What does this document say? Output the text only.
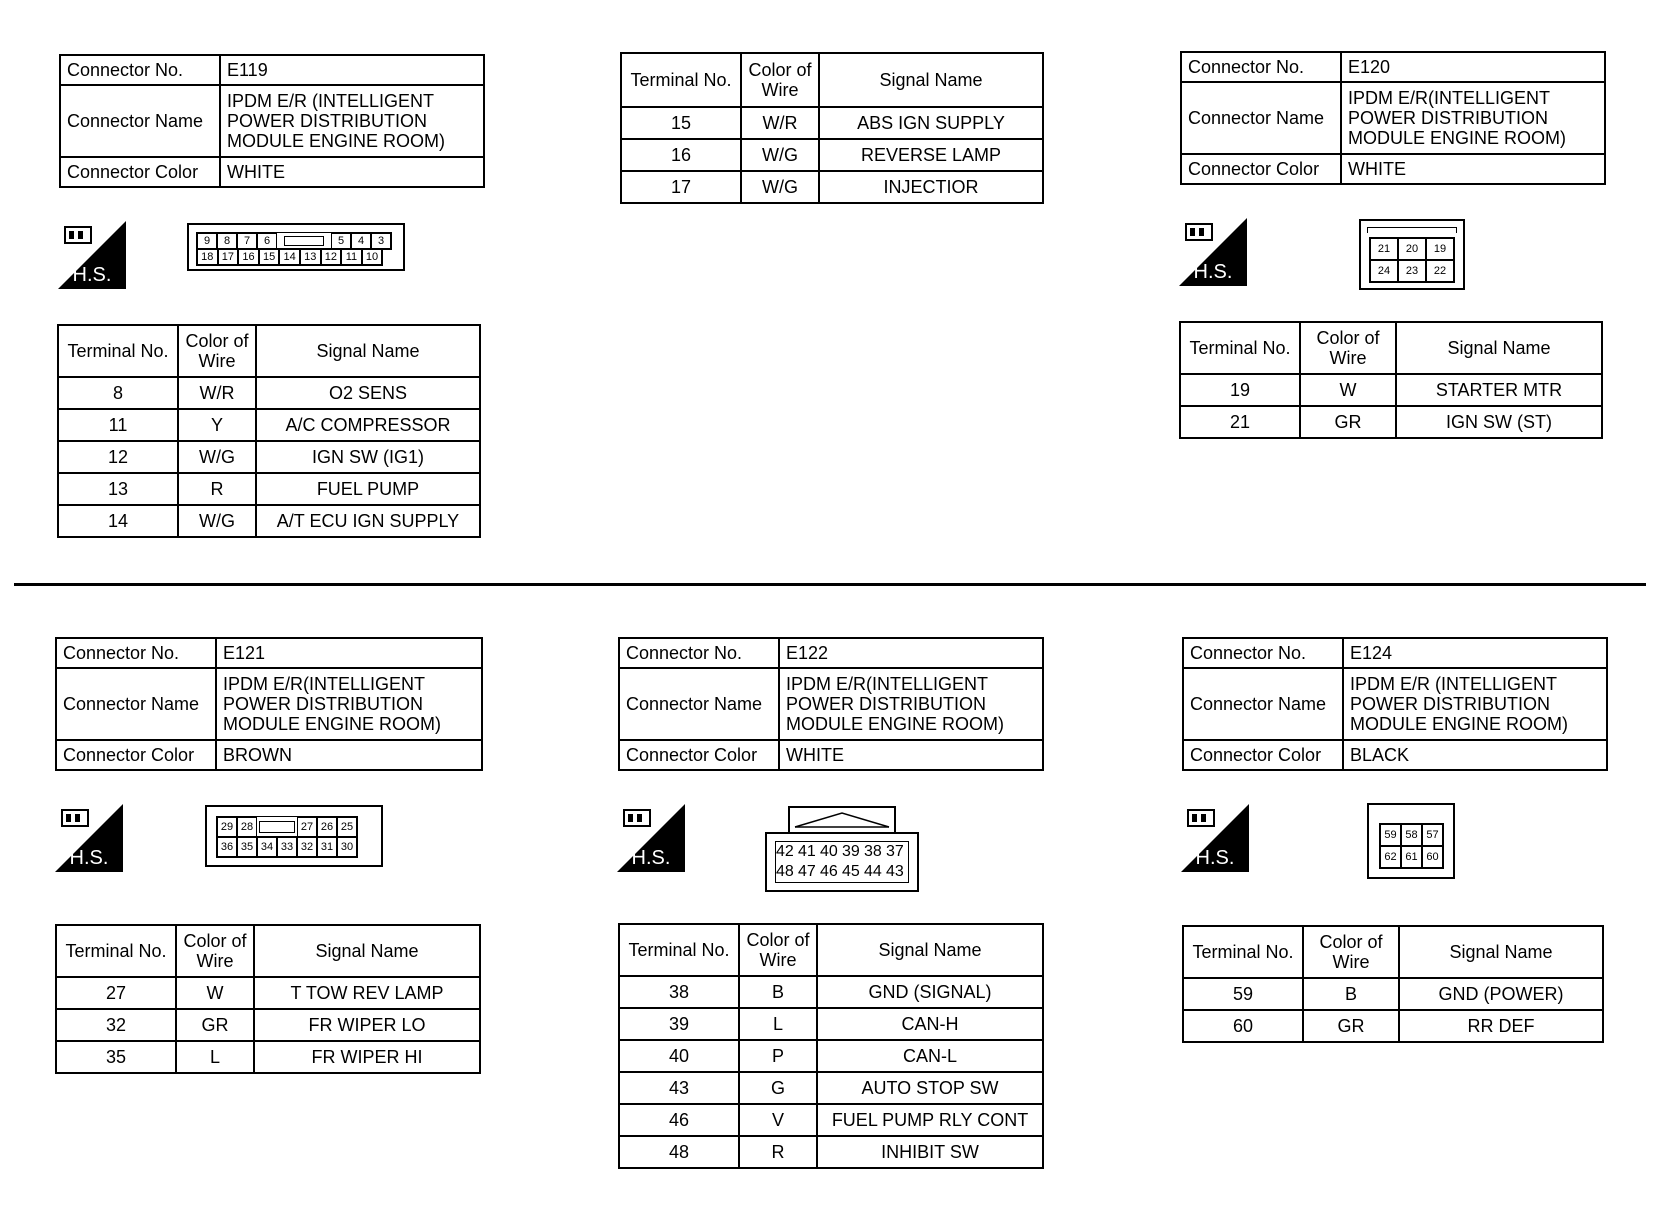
Connector No.	E119
Connector Name	IPDM E/R (INTELLIGENT
POWER DISTRIBUTION
MODULE ENGINE ROOM)

Connector Color	WHITE
H.S.
9	8	7	6	5	4	3
18 17 16 15 14 13 12 11 10
Terminal No.	Color of
Wire	Signal Name
8	W/R	O2 SENS
11	Y	A/C COMPRESSOR
12	W/G	IGN SW (IG1)
13	R	FUEL PUMP
14	W/G	A/T ECU IGN SUPPLY
Terminal No.	Color of
Wire	Signal Name
15	W/R	ABS IGN SUPPLY
16	W/G	REVERSE LAMP
17	W/G	INJECTIOR
Connector No.	E120
Connector Name	IPDM E/R(INTELLIGENT
POWER DISTRIBUTION
MODULE ENGINE ROOM)

Connector Color	WHITE
H.S.
21	20	19
24	23	22
Terminal No.	Color of
Wire	Signal Name
19	W	STARTER MTR
21	GR	IGN SW (ST)
Connector No.	E121
Connector Name	IPDM E/R(INTELLIGENT
POWER DISTRIBUTION
MODULE ENGINE ROOM)

Connector Color	BROWN
H.S.
29 28	27 26 25
36 35 34 33 32 31 30
Terminal No.	Color of
Wire	Signal Name
27	W	T TOW REV LAMP
32	GR	FR WIPER LO
35	L	FR WIPER HI
Connector No.	E122
Connector Name	IPDM E/R(INTELLIGENT
POWER DISTRIBUTION
MODULE ENGINE ROOM)

Connector Color	WHITE
H.S.	42 41 40 39 38 37
48 47 46 45 44 43
Terminal No.	Color of
Wire	Signal Name
38	B	GND (SIGNAL)
39	L	CAN-H
40	P	CAN-L
43	G	AUTO STOP SW
46	V	FUEL PUMP RLY CONT
48	R	INHIBIT SW
Connector No.	E124
Connector Name	IPDM E/R (INTELLIGENT
POWER DISTRIBUTION
MODULE ENGINE ROOM)

Connector Color	BLACK
H.S.
59 58 57
62 61 60
Terminal No.	Color of
Wire	Signal Name
59	B	GND (POWER)
60	GR	RR DEF
